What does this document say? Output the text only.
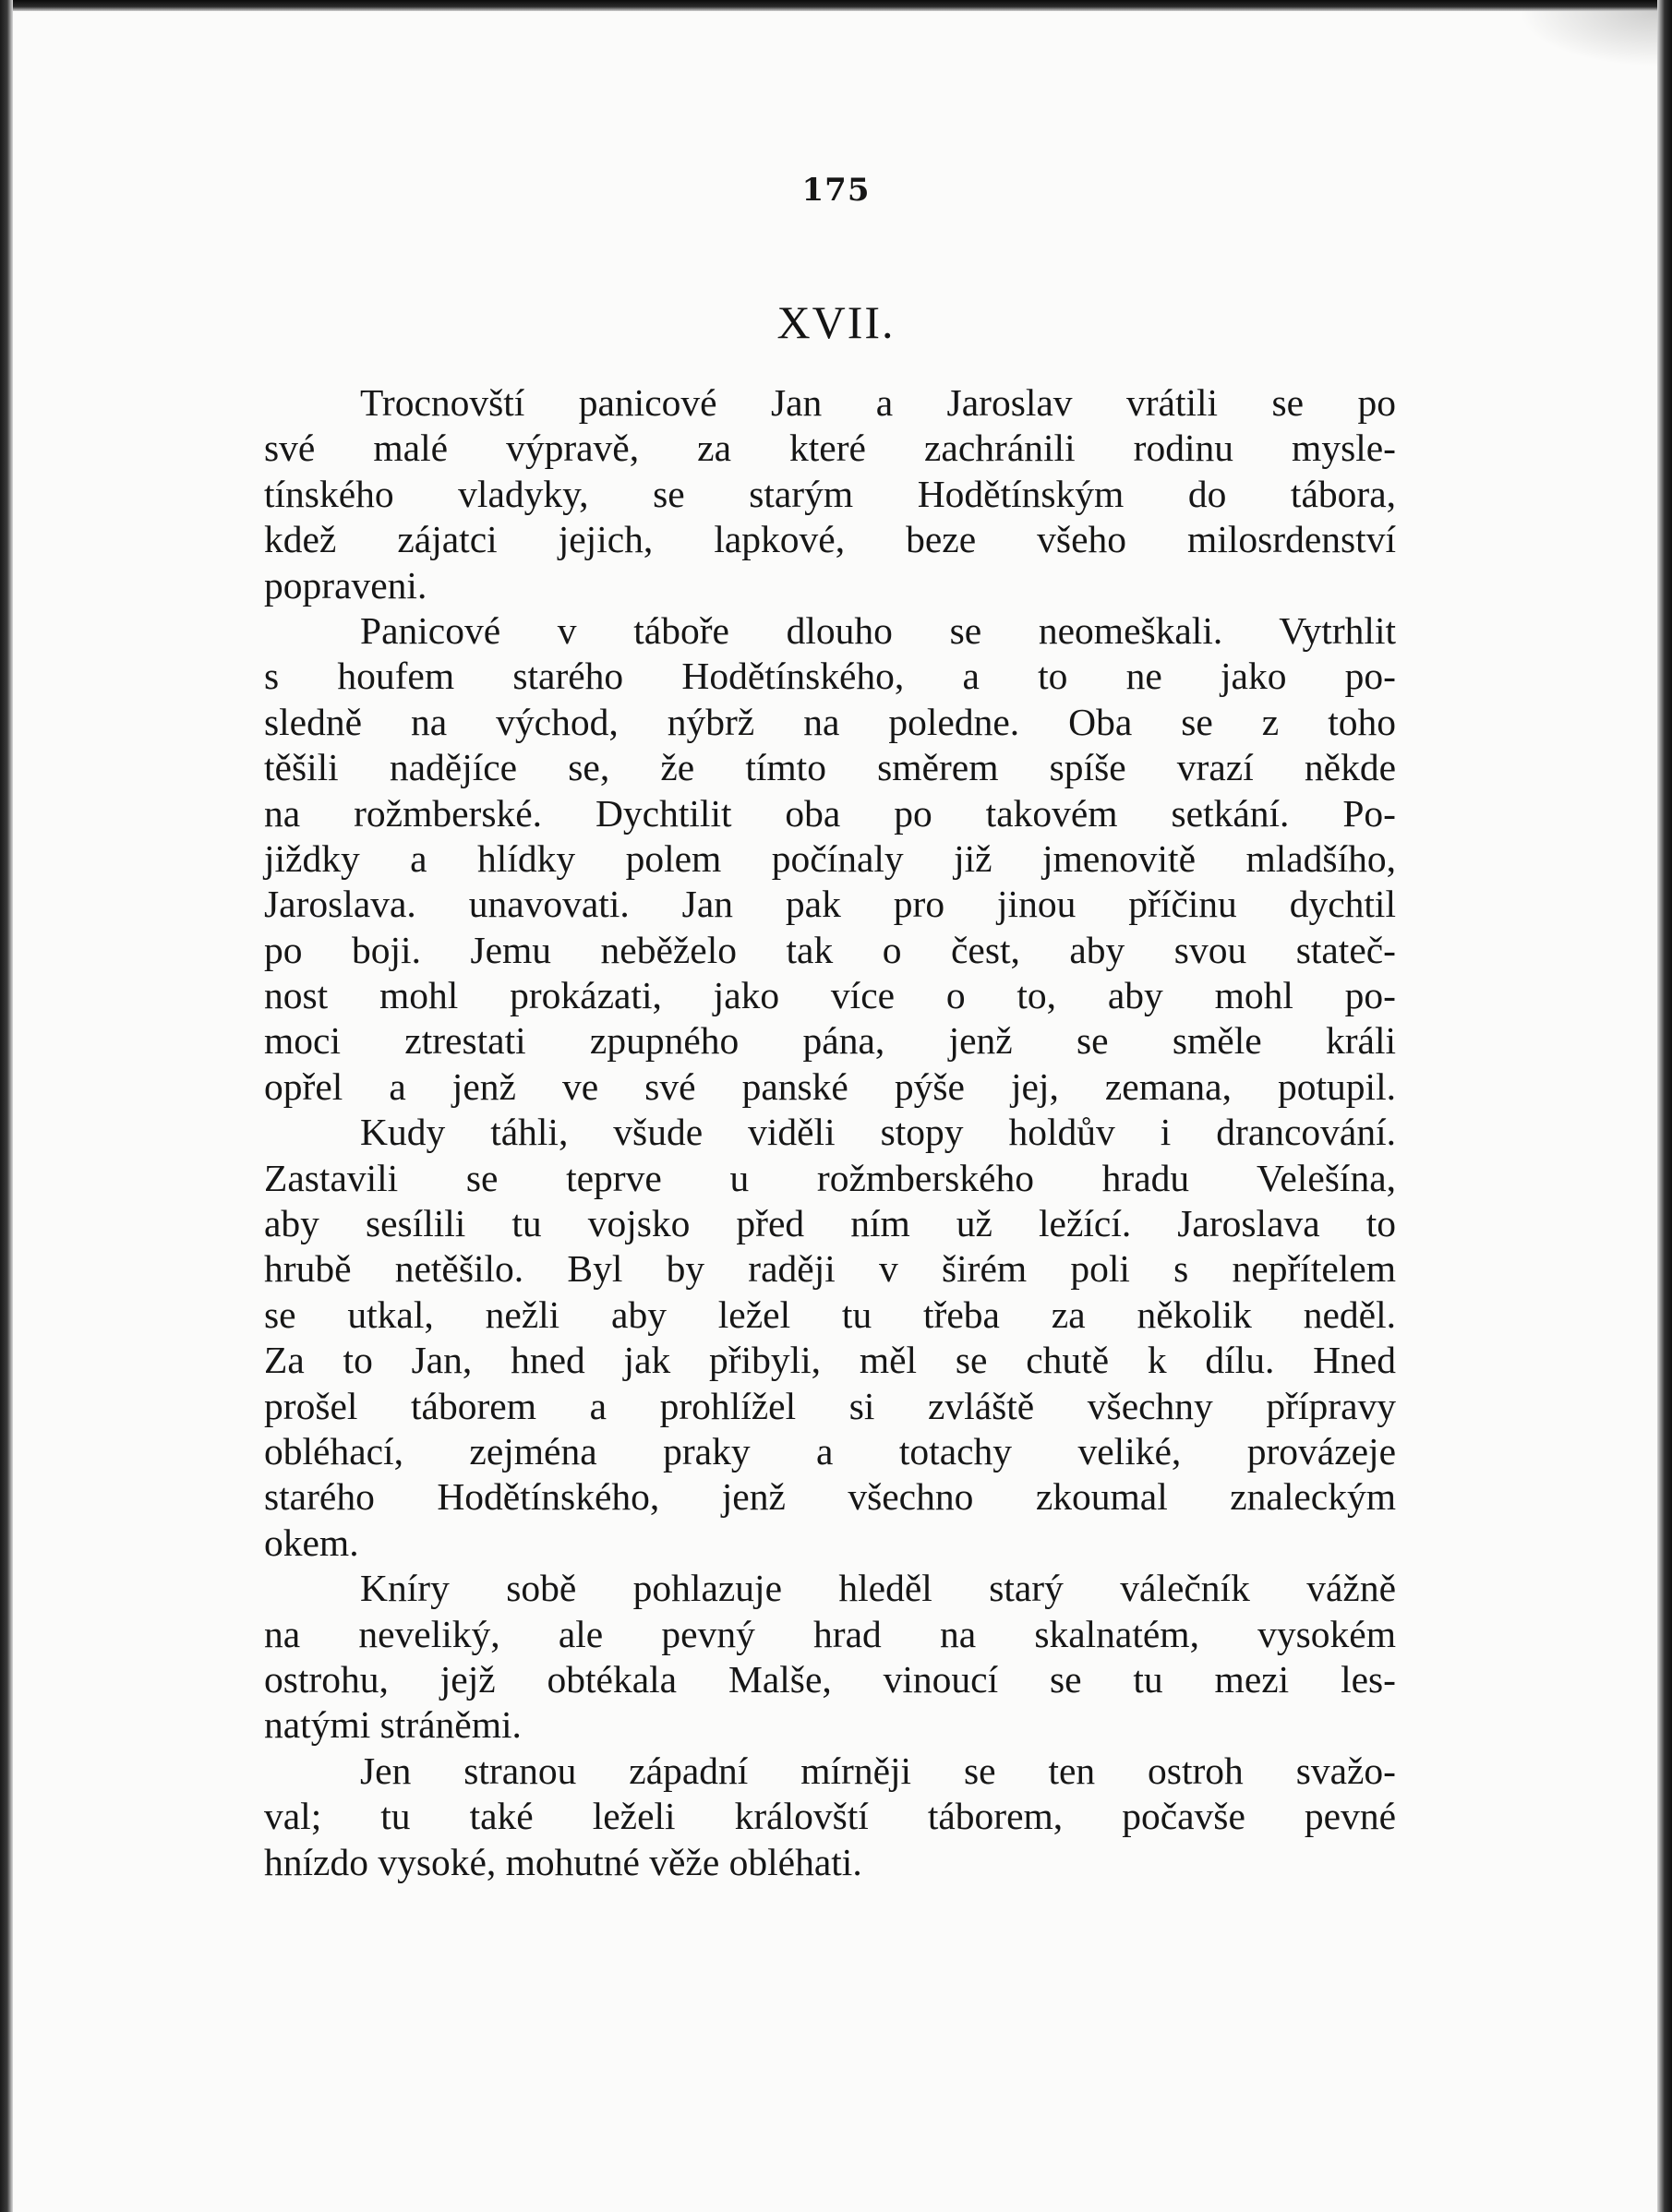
175
XVII.
Trocnovští panicové Jan a Jaroslav vrátili se po
své malé výpravě, za které zachránili rodinu mysle-
tínského vladyky, se starým Hodětínským do tábora,
kdež zájatci jejich, lapkové, beze všeho milosrdenství
popraveni.
Panicové v táboře dlouho se neomeškali. Vytrhlit
s houfem starého Hodětínského, a to ne jako po-
sledně na východ, nýbrž na poledne. Oba se z toho
těšili nadějíce se, že tímto směrem spíše vrazí někde
na rožmberské. Dychtilit oba po takovém setkání. Po-
jiždky a hlídky polem počínaly již jmenovitě mladšího,
Jaroslava. unavovati. Jan pak pro jinou příčinu dychtil
po boji. Jemu neběželo tak o čest, aby svou stateč-
nost mohl prokázati, jako více o to, aby mohl po-
moci ztrestati zpupného pána, jenž se směle králi
opřel a jenž ve své panské pýše jej, zemana, potupil.
Kudy táhli, všude viděli stopy holdův i drancování.
Zastavili se teprve u rožmberského hradu Velešína,
aby sesílili tu vojsko před ním už ležící. Jaroslava to
hrubě netěšilo. Byl by raději v širém poli s nepřítelem
se utkal, nežli aby ležel tu třeba za několik neděl.
Za to Jan, hned jak přibyli, měl se chutě k dílu. Hned
prošel táborem a prohlížel si zvláště všechny přípravy
obléhací, zejména praky a totachy veliké, provázeje
starého Hodětínského, jenž všechno zkoumal znaleckým
okem.
Kníry sobě pohlazuje hleděl starý válečník vážně
na neveliký, ale pevný hrad na skalnatém, vysokém
ostrohu, jejž obtékala Malše, vinoucí se tu mezi les-
natými stráněmi.
Jen stranou západní mírněji se ten ostroh svažo-
val; tu také leželi královští táborem, počavše pevné
hnízdo vysoké, mohutné věže obléhati.
